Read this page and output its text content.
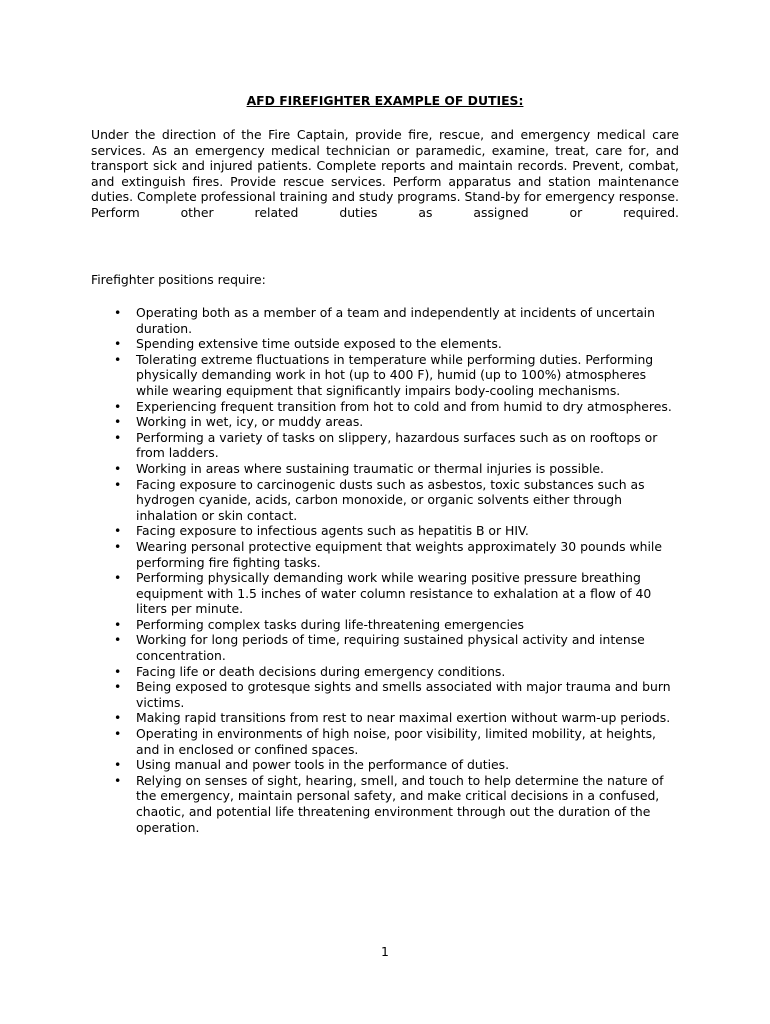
AFD FIREFIGHTER EXAMPLE OF DUTIES:

Under the direction of the Fire Captain, provide fire, rescue, and emergency medical care services. As an emergency medical technician or paramedic, examine, treat, care for, and transport sick and injured patients. Complete reports and maintain records. Prevent, combat, and extinguish fires. Provide rescue services. Perform apparatus and station maintenance duties. Complete professional training and study programs. Stand-by for emergency response. Perform other related duties as assigned or required.

Firefighter positions require:

• Operating both as a member of a team and independently at incidents of uncertain duration.
• Spending extensive time outside exposed to the elements.
• Tolerating extreme fluctuations in temperature while performing duties. Performing physically demanding work in hot (up to 400 F), humid (up to 100%) atmospheres while wearing equipment that significantly impairs body-cooling mechanisms.
• Experiencing frequent transition from hot to cold and from humid to dry atmospheres.
• Working in wet, icy, or muddy areas.
• Performing a variety of tasks on slippery, hazardous surfaces such as on rooftops or from ladders.
• Working in areas where sustaining traumatic or thermal injuries is possible.
• Facing exposure to carcinogenic dusts such as asbestos, toxic substances such as hydrogen cyanide, acids, carbon monoxide, or organic solvents either through inhalation or skin contact.
• Facing exposure to infectious agents such as hepatitis B or HIV.
• Wearing personal protective equipment that weights approximately 30 pounds while performing fire fighting tasks.
• Performing physically demanding work while wearing positive pressure breathing equipment with 1.5 inches of water column resistance to exhalation at a flow of 40 liters per minute.
• Performing complex tasks during life-threatening emergencies
• Working for long periods of time, requiring sustained physical activity and intense concentration.
• Facing life or death decisions during emergency conditions.
• Being exposed to grotesque sights and smells associated with major trauma and burn victims.
• Making rapid transitions from rest to near maximal exertion without warm-up periods.
• Operating in environments of high noise, poor visibility, limited mobility, at heights, and in enclosed or confined spaces.
• Using manual and power tools in the performance of duties.
• Relying on senses of sight, hearing, smell, and touch to help determine the nature of the emergency, maintain personal safety, and make critical decisions in a confused, chaotic, and potential life threatening environment through out the duration of the operation.
1
